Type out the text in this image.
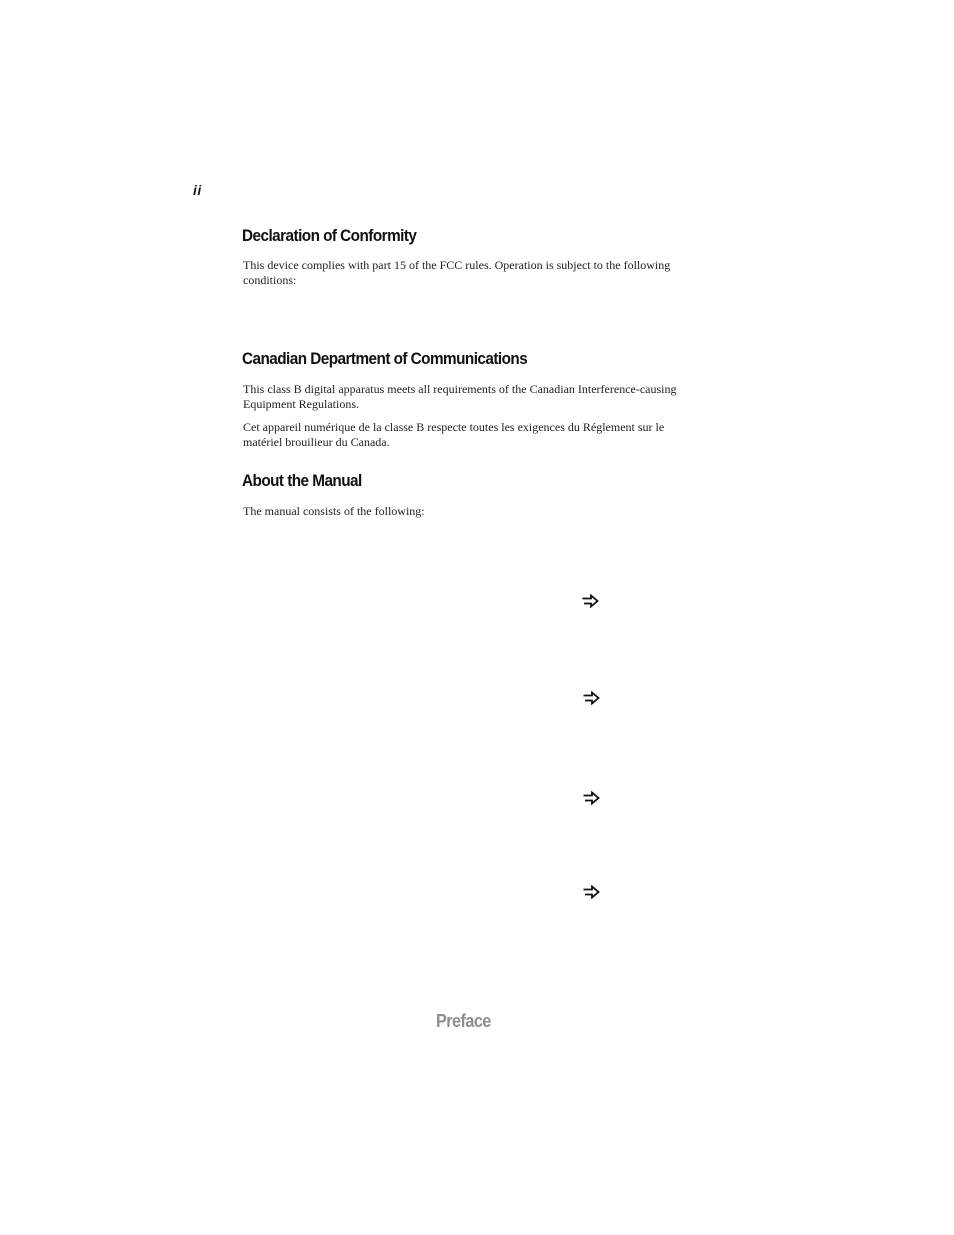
ii
Declaration of Conformity

This device complies with part 15 of the FCC rules. Operation is subject to the following conditions:

Canadian Department of Communications

This class B digital apparatus meets all requirements of the Canadian Interference-causing Equipment Regulations.

Cet appareil numérique de la classe B respecte toutes les exigences du Réglement sur le matériel brouilieur du Canada.

About the Manual

The manual consists of the following:

Preface
